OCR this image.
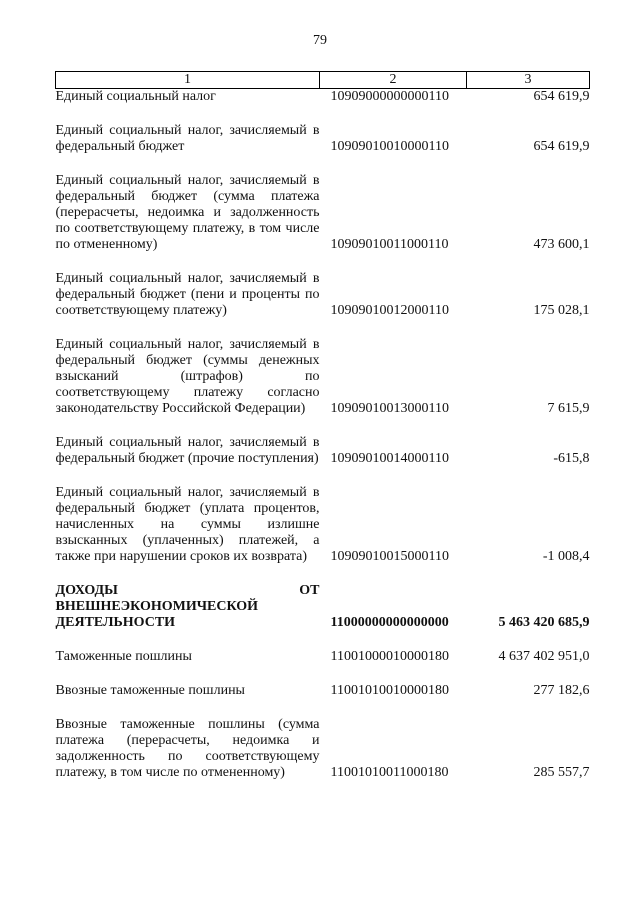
79
1	2	3
Единый социальный налог	10909000000000110	654 619,9

Единый социальный налог, зачисляемый в федеральный бюджет	10909010010000110	654 619,9

Единый социальный налог, зачисляемый в федеральный бюджет (сумма платежа (перерасчеты, недоимка и задолженность по соответствующему платежу, в том числе по отмененному)	10909010011000110	473 600,1

Единый социальный налог, зачисляемый в федеральный бюджет (пени и проценты по соответствующему платежу)	10909010012000110	175 028,1

Единый социальный налог, зачисляемый в федеральный бюджет (суммы денежных взысканий (штрафов) по соответствующему платежу согласно законодательству Российской Федерации)	10909010013000110	7 615,9

Единый социальный налог, зачисляемый в федеральный бюджет (прочие поступления)	10909010014000110	-615,8

Единый социальный налог, зачисляемый в федеральный бюджет (уплата процентов, начисленных на суммы излишне взысканных (уплаченных) платежей, а также при нарушении сроков их возврата)	10909010015000110	-1 008,4

ДОХОДЫ ОТ ВНЕШНЕЭКОНОМИЧЕСКОЙ ДЕЯТЕЛЬНОСТИ	11000000000000000	5 463 420 685,9

Таможенные пошлины	11001000010000180	4 637 402 951,0

Ввозные таможенные пошлины	11001010010000180	277 182,6

Ввозные таможенные пошлины (сумма платежа (перерасчеты, недоимка и задолженность по соответствующему платежу, в том числе по отмененному)	11001010011000180	285 557,7
